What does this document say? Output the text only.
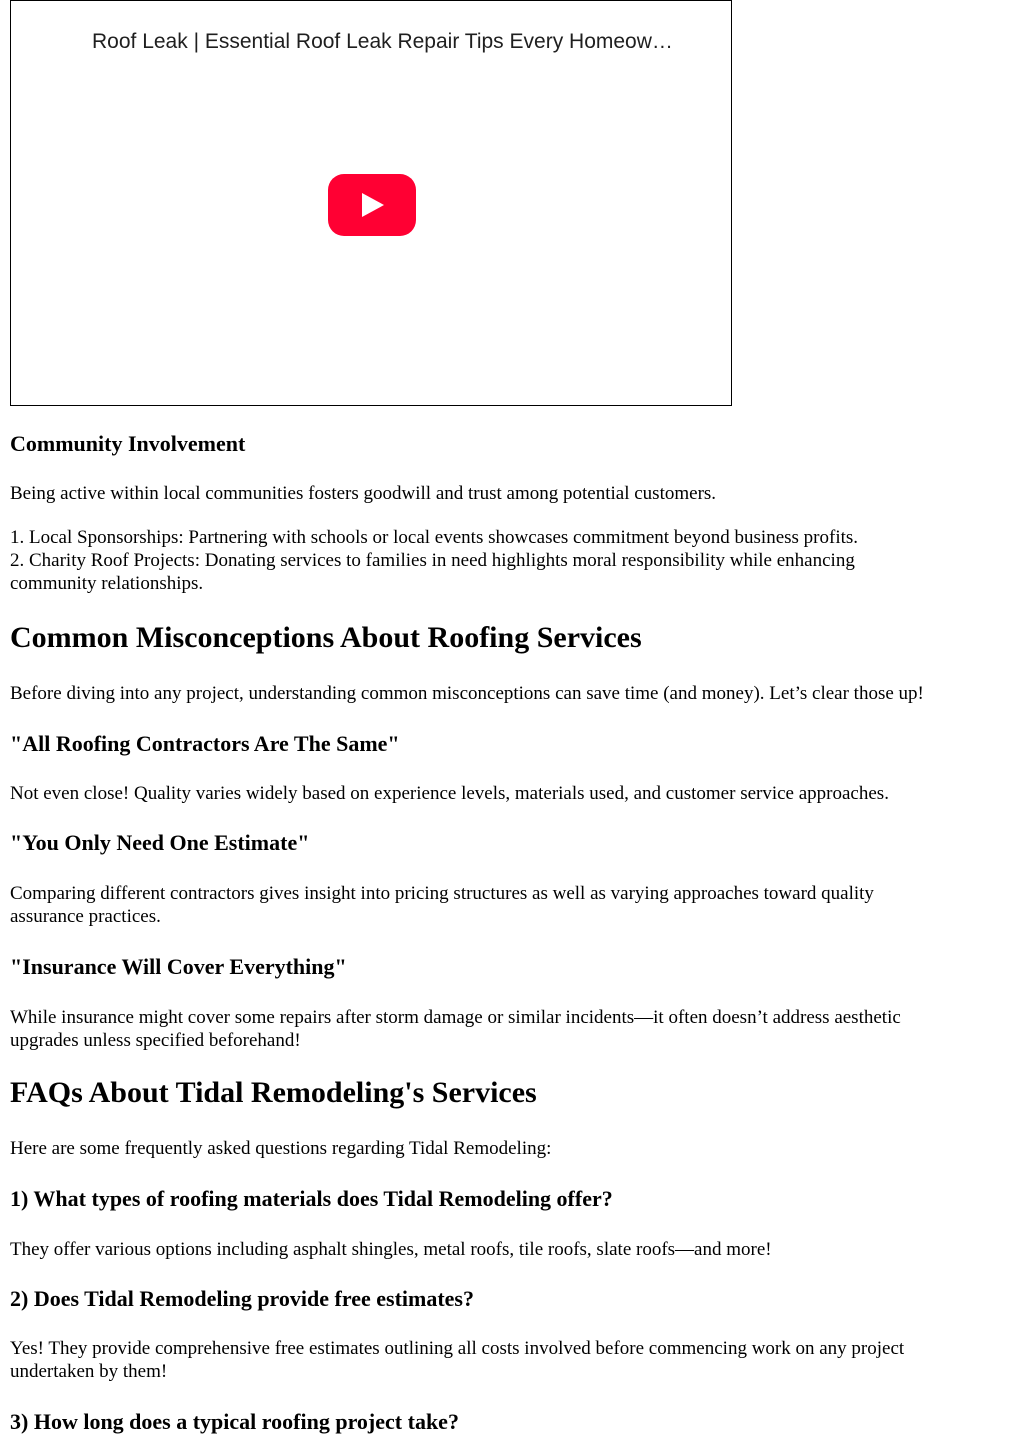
Roof Leak | Essential Roof Leak Repair Tips Every Homeow…
Community Involvement

Being active within local communities fosters goodwill and trust among potential customers.

1. Local Sponsorships: Partnering with schools or local events showcases commitment beyond business profits.

2. Charity Roof Projects: Donating services to families in need highlights moral responsibility while enhancing

community relationships.

Common Misconceptions About Roofing Services

Before diving into any project, understanding common misconceptions can save time (and money). Let’s clear those up!

"All Roofing Contractors Are The Same"

Not even close! Quality varies widely based on experience levels, materials used, and customer service approaches.

"You Only Need One Estimate"

Comparing different contractors gives insight into pricing structures as well as varying approaches toward quality

assurance practices.

"Insurance Will Cover Everything"

While insurance might cover some repairs after storm damage or similar incidents—it often doesn’t address aesthetic

upgrades unless specified beforehand!

FAQs About Tidal Remodeling's Services

Here are some frequently asked questions regarding Tidal Remodeling:

1) What types of roofing materials does Tidal Remodeling offer?

They offer various options including asphalt shingles, metal roofs, tile roofs, slate roofs—and more!

2) Does Tidal Remodeling provide free estimates?

Yes! They provide comprehensive free estimates outlining all costs involved before commencing work on any project

undertaken by them!

3) How long does a typical roofing project take?
